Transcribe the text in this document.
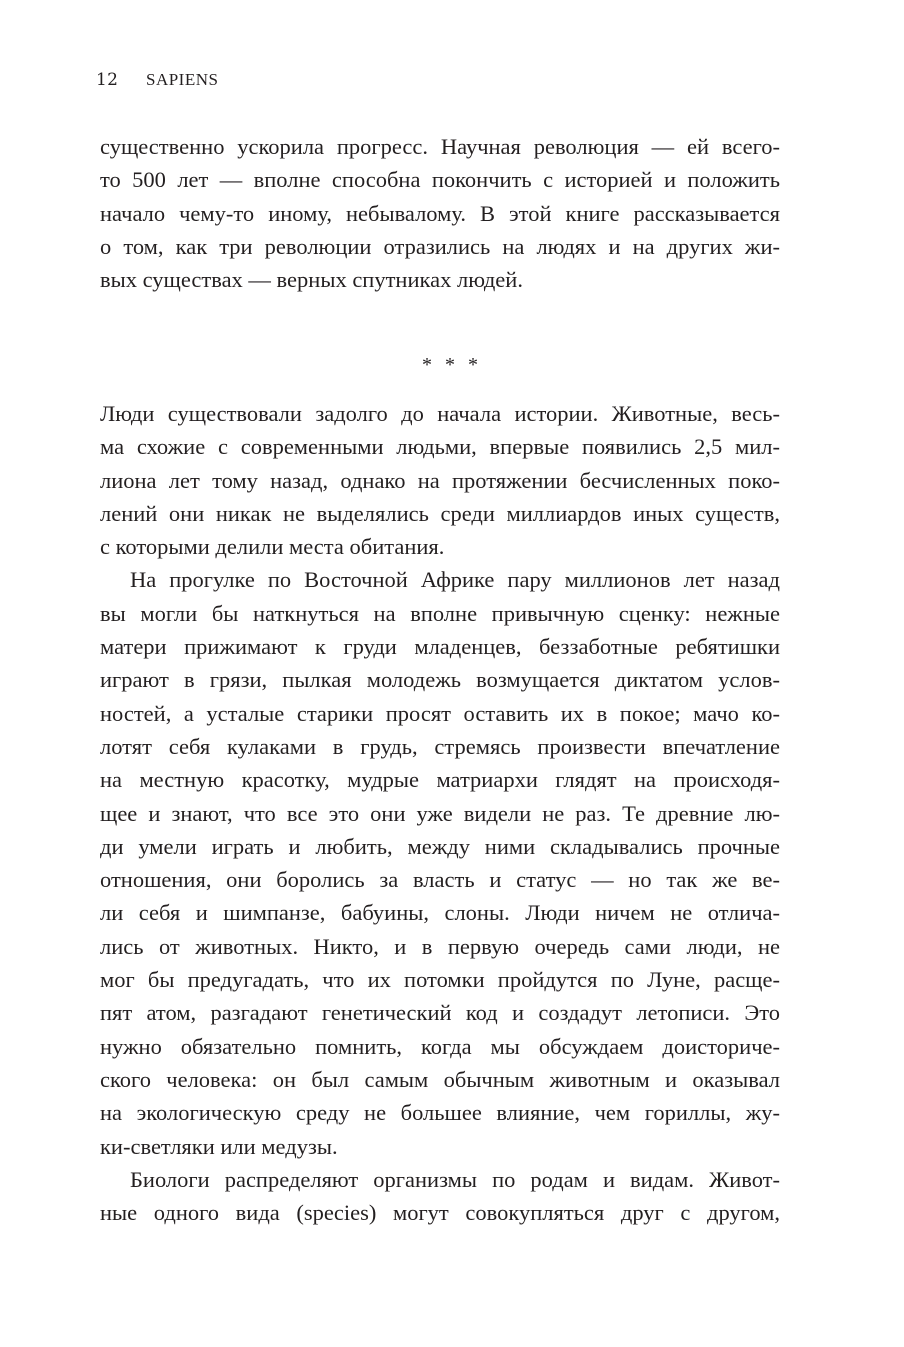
12	SAPIENS
существенно ускорила прогресс. Научная революция — ей всего-
то 500 лет — вполне способна покончить с историей и положить
начало чему-то иному, небывалому. В этой книге рассказывается
о том, как три революции отразились на людях и на других жи-
вых существах — верных спутниках людей.
* * *
Люди существовали задолго до начала истории. Животные, весь-
ма схожие с современными людьми, впервые появились 2,5 мил-
лиона лет тому назад, однако на протяжении бесчисленных поко-
лений они никак не выделялись среди миллиардов иных существ,
с которыми делили места обитания.
На прогулке по Восточной Африке пару миллионов лет назад
вы могли бы наткнуться на вполне привычную сценку: нежные
матери прижимают к груди младенцев, беззаботные ребятишки
играют в грязи, пылкая молодежь возмущается диктатом услов-
ностей, а усталые старики просят оставить их в покое; мачо ко-
лотят себя кулаками в грудь, стремясь произвести впечатление
на местную красотку, мудрые матриархи глядят на происходя-
щее и знают, что все это они уже видели не раз. Те древние лю-
ди умели играть и любить, между ними складывались прочные
отношения, они боролись за власть и статус — но так же ве-
ли себя и шимпанзе, бабуины, слоны. Люди ничем не отлича-
лись от животных. Никто, и в первую очередь сами люди, не
мог бы предугадать, что их потомки пройдутся по Луне, расще-
пят атом, разгадают генетический код и создадут летописи. Это
нужно обязательно помнить, когда мы обсуждаем доисториче-
ского человека: он был самым обычным животным и оказывал
на экологическую среду не большее влияние, чем гориллы, жу-
ки-светляки или медузы.
Биологи распределяют организмы по родам и видам. Живот-
ные одного вида (species) могут совокупляться друг с другом,
